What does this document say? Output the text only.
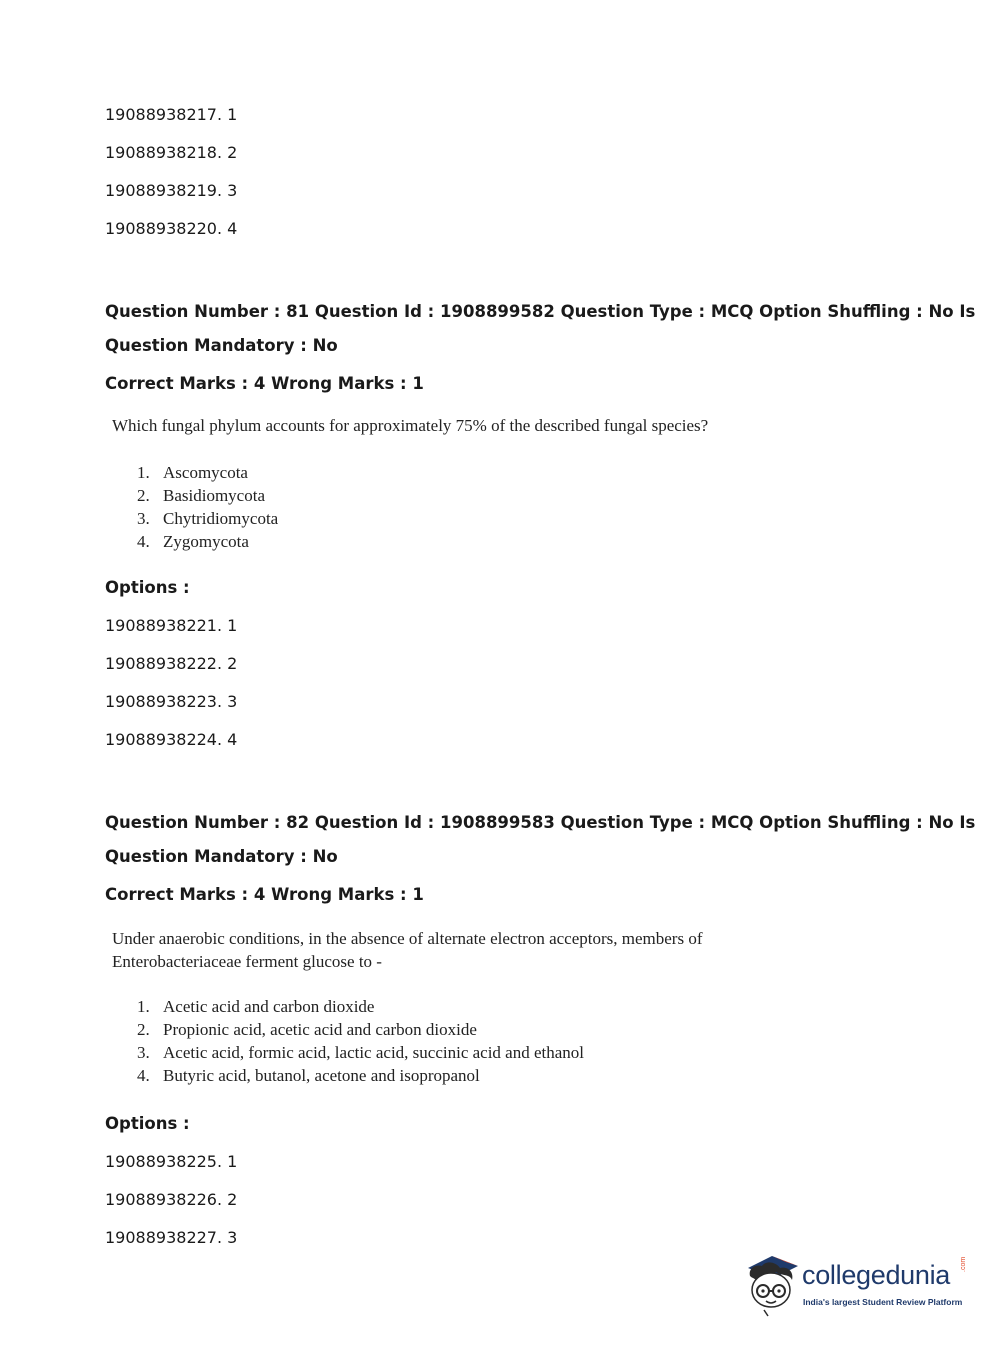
19088938217. 1
19088938218. 2
19088938219. 3
19088938220. 4
Question Number : 81 Question Id : 1908899582 Question Type : MCQ Option Shuffling : No Is
Question Mandatory : No
Correct Marks : 4 Wrong Marks : 1
Which fungal phylum accounts for approximately 75% of the described fungal species?
1. Ascomycota
2. Basidiomycota
3. Chytridiomycota
4. Zygomycota
Options :
19088938221. 1
19088938222. 2
19088938223. 3
19088938224. 4
Question Number : 82 Question Id : 1908899583 Question Type : MCQ Option Shuffling : No Is
Question Mandatory : No
Correct Marks : 4 Wrong Marks : 1
Under anaerobic conditions, in the absence of alternate electron acceptors, members of
Enterobacteriaceae ferment glucose to -
1. Acetic acid and carbon dioxide
2. Propionic acid, acetic acid and carbon dioxide
3. Acetic acid, formic acid, lactic acid, succinic acid and ethanol
4. Butyric acid, butanol, acetone and isopropanol
Options :
19088938225. 1
19088938226. 2
19088938227. 3
collegedunia .com
India's largest Student Review Platform
